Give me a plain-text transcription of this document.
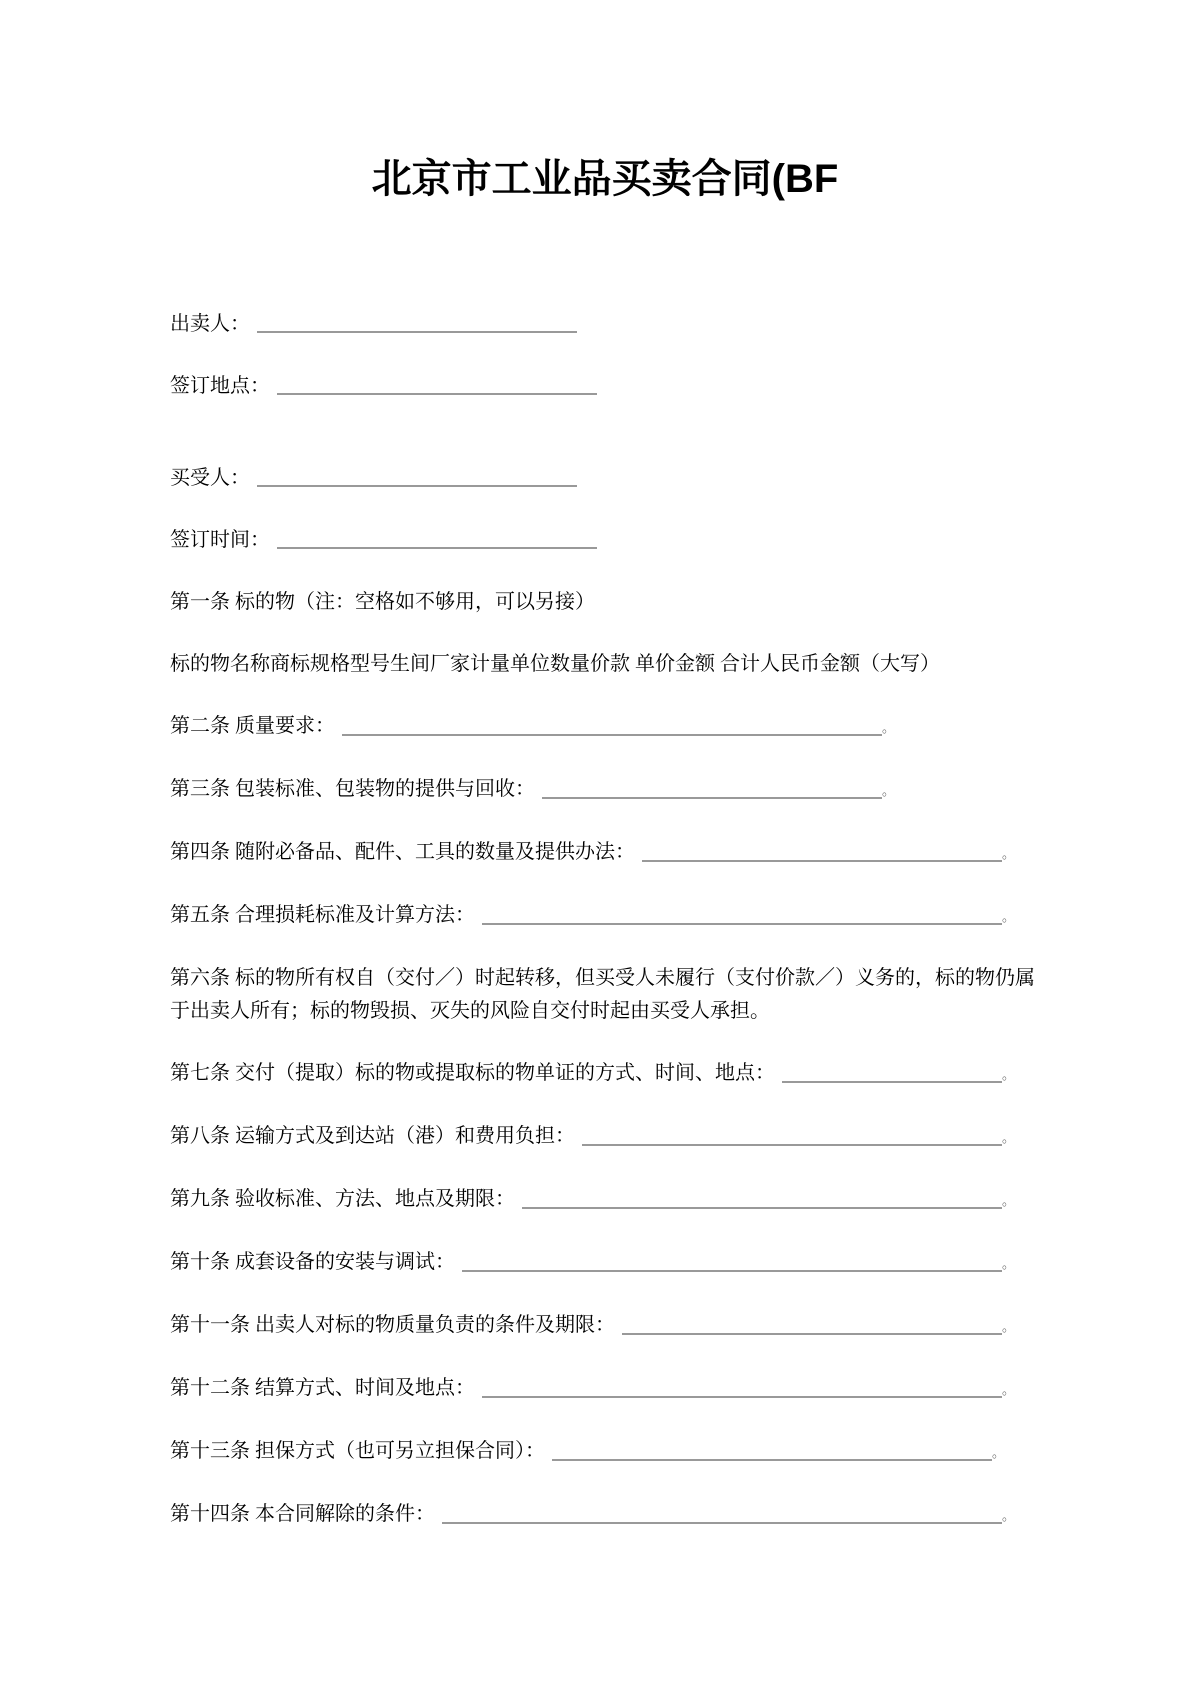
北京市工业品买卖合同(BF

出卖人： ________________________________

签订地点： ________________________________

买受人： ________________________________

签订时间： ________________________________

第一条 标的物（注：空格如不够用，可以另接）

标的物名称商标规格型号生间厂家计量单位数量价款 单价金额 合计人民币金额（大写）

第二条 质量要求： ______________________________________________________。

第三条 包装标准、包装物的提供与回收： __________________________________。

第四条 随附必备品、配件、工具的数量及提供办法： ____________________________________。

第五条 合理损耗标准及计算方法： ____________________________________________________。

第六条 标的物所有权自（交付／）时起转移，但买受人未履行（支付价款／）义务的，标的物仍属于出卖人所有；标的物毁损、灭失的风险自交付时起由买受人承担。

第七条 交付（提取）标的物或提取标的物单证的方式、时间、地点： ______________________。

第八条 运输方式及到达站（港）和费用负担： __________________________________________。

第九条 验收标准、方法、地点及期限： ________________________________________________。

第十条 成套设备的安装与调试： ______________________________________________________。

第十一条 出卖人对标的物质量负责的条件及期限： ______________________________________。

第十二条 结算方式、时间及地点： ____________________________________________________。

第十三条 担保方式（也可另立担保合同）： ____________________________________________。

第十四条 本合同解除的条件： ________________________________________________________。
